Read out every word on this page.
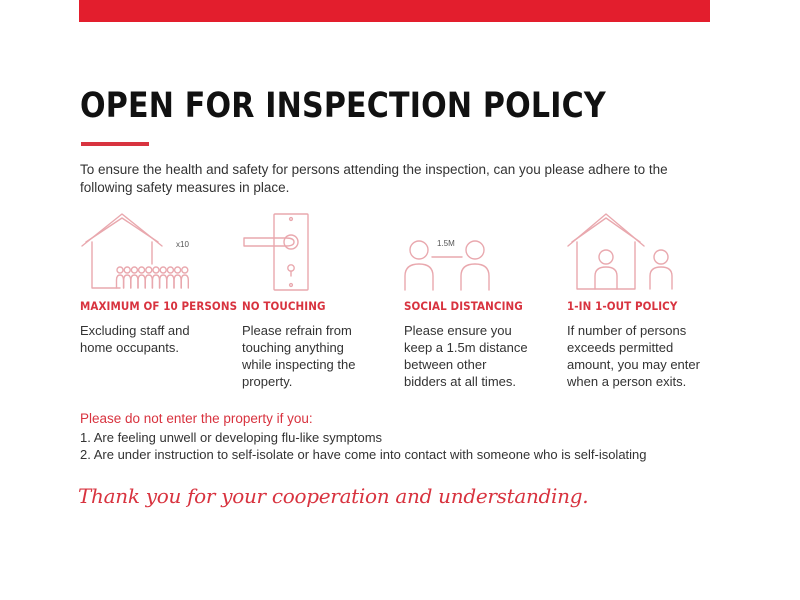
OPEN FOR INSPECTION POLICY

To ensure the health and safety for persons attending the inspection, can you please adhere to the following safety measures in place.

x10	1.5M
MAXIMUM OF 10 PERSONS
Excluding staff and home occupants.
NO TOUCHING
Please refrain from touching anything while inspecting the property.
SOCIAL DISTANCING
Please ensure you keep a 1.5m distance between other bidders at all times.
1-IN 1-OUT POLICY
If number of persons exceeds permitted amount, you may enter when a person exits.
Please do not enter the property if you:
1. Are feeling unwell or developing flu-like symptoms
2. Are under instruction to self-isolate or have come into contact with someone who is self-isolating
Thank you for your cooperation and understanding.
